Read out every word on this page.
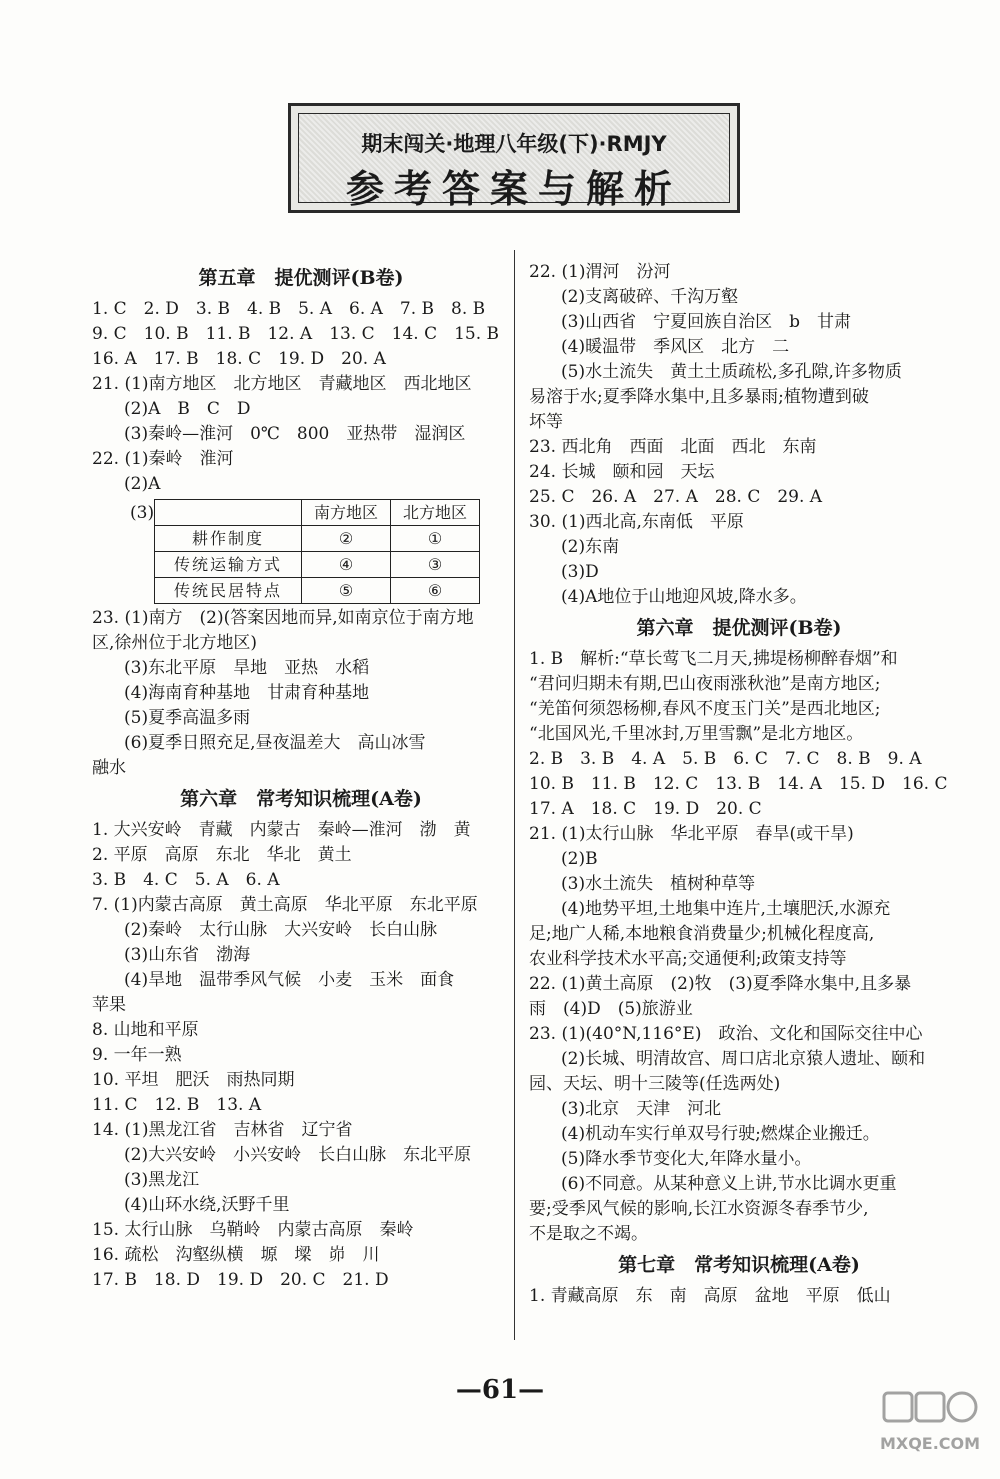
期末闯关·地理八年级(下)·RMJY
参考答案与解析
第五章　提优测评(B卷)
1. C　2. D　3. B　4. B　5. A　6. A　7. B　8. B
9. C　10. B　11. B　12. A　13. C　14. C　15. B
16. A　17. B　18. C　19. D　20. A
21. (1)南方地区　北方地区　青藏地区　西北地区
(2)A　B　C　D
(3)秦岭—淮河　0℃　800　亚热带　湿润区
22. (1)秦岭　淮河
(2)A
(3)
		南方地区	北方地区
耕作制度	②	①
传统运输方式	④	③
传统民居特点	⑤	⑥
23. (1)南方　(2)(答案因地而异,如南京位于南方地
区,徐州位于北方地区)
(3)东北平原　旱地　亚热　水稻
(4)海南育种基地　甘肃育种基地
(5)夏季高温多雨
(6)夏季日照充足,昼夜温差大　高山冰雪
融水
第六章　常考知识梳理(A卷)
1. 大兴安岭　青藏　内蒙古　秦岭—淮河　渤　黄
2. 平原　高原　东北　华北　黄土
3. B　4. C　5. A　6. A
7. (1)内蒙古高原　黄土高原　华北平原　东北平原
(2)秦岭　太行山脉　大兴安岭　长白山脉
(3)山东省　渤海
(4)旱地　温带季风气候　小麦　玉米　面食
苹果
8. 山地和平原
9. 一年一熟
10. 平坦　肥沃　雨热同期
11. C　12. B　13. A
14. (1)黑龙江省　吉林省　辽宁省
(2)大兴安岭　小兴安岭　长白山脉　东北平原
(3)黑龙江
(4)山环水绕,沃野千里
15. 太行山脉　乌鞘岭　内蒙古高原　秦岭
16. 疏松　沟壑纵横　塬　墚　峁　川
17. B　18. D　19. D　20. C　21. D
22. (1)渭河　汾河
(2)支离破碎、千沟万壑
(3)山西省　宁夏回族自治区　b　甘肃
(4)暖温带　季风区　北方　二
(5)水土流失　黄土土质疏松,多孔隙,许多物质
易溶于水;夏季降水集中,且多暴雨;植物遭到破
坏等
23. 西北角　西面　北面　西北　东南
24. 长城　颐和园　天坛
25. C　26. A　27. A　28. C　29. A
30. (1)西北高,东南低　平原
(2)东南
(3)D
(4)A地位于山地迎风坡,降水多。
第六章　提优测评(B卷)
1. B　解析:“草长莺飞二月天,拂堤杨柳醉春烟”和
“君问归期未有期,巴山夜雨涨秋池”是南方地区;
“羌笛何须怨杨柳,春风不度玉门关”是西北地区;
“北国风光,千里冰封,万里雪飘”是北方地区。
2. B　3. B　4. A　5. B　6. C　7. C　8. B　9. A
10. B　11. B　12. C　13. B　14. A　15. D　16. C
17. A　18. C　19. D　20. C
21. (1)太行山脉　华北平原　春旱(或干旱)
(2)B
(3)水土流失　植树种草等
(4)地势平坦,土地集中连片,土壤肥沃,水源充
足;地广人稀,本地粮食消费量少;机械化程度高,
农业科学技术水平高;交通便利;政策支持等
22. (1)黄土高原　(2)牧　(3)夏季降水集中,且多暴
雨　(4)D　(5)旅游业
23. (1)(40°N,116°E)　政治、文化和国际交往中心
(2)长城、明清故宫、周口店北京猿人遗址、颐和
园、天坛、明十三陵等(任选两处)
(3)北京　天津　河北
(4)机动车实行单双号行驶;燃煤企业搬迁。
(5)降水季节变化大,年降水量小。
(6)不同意。从某种意义上讲,节水比调水更重
要;受季风气候的影响,长江水资源冬春季节少,
不是取之不竭。
第七章　常考知识梳理(A卷)
1. 青藏高原　东　南　高原　盆地　平原　低山
—61—
MXQE.COM
